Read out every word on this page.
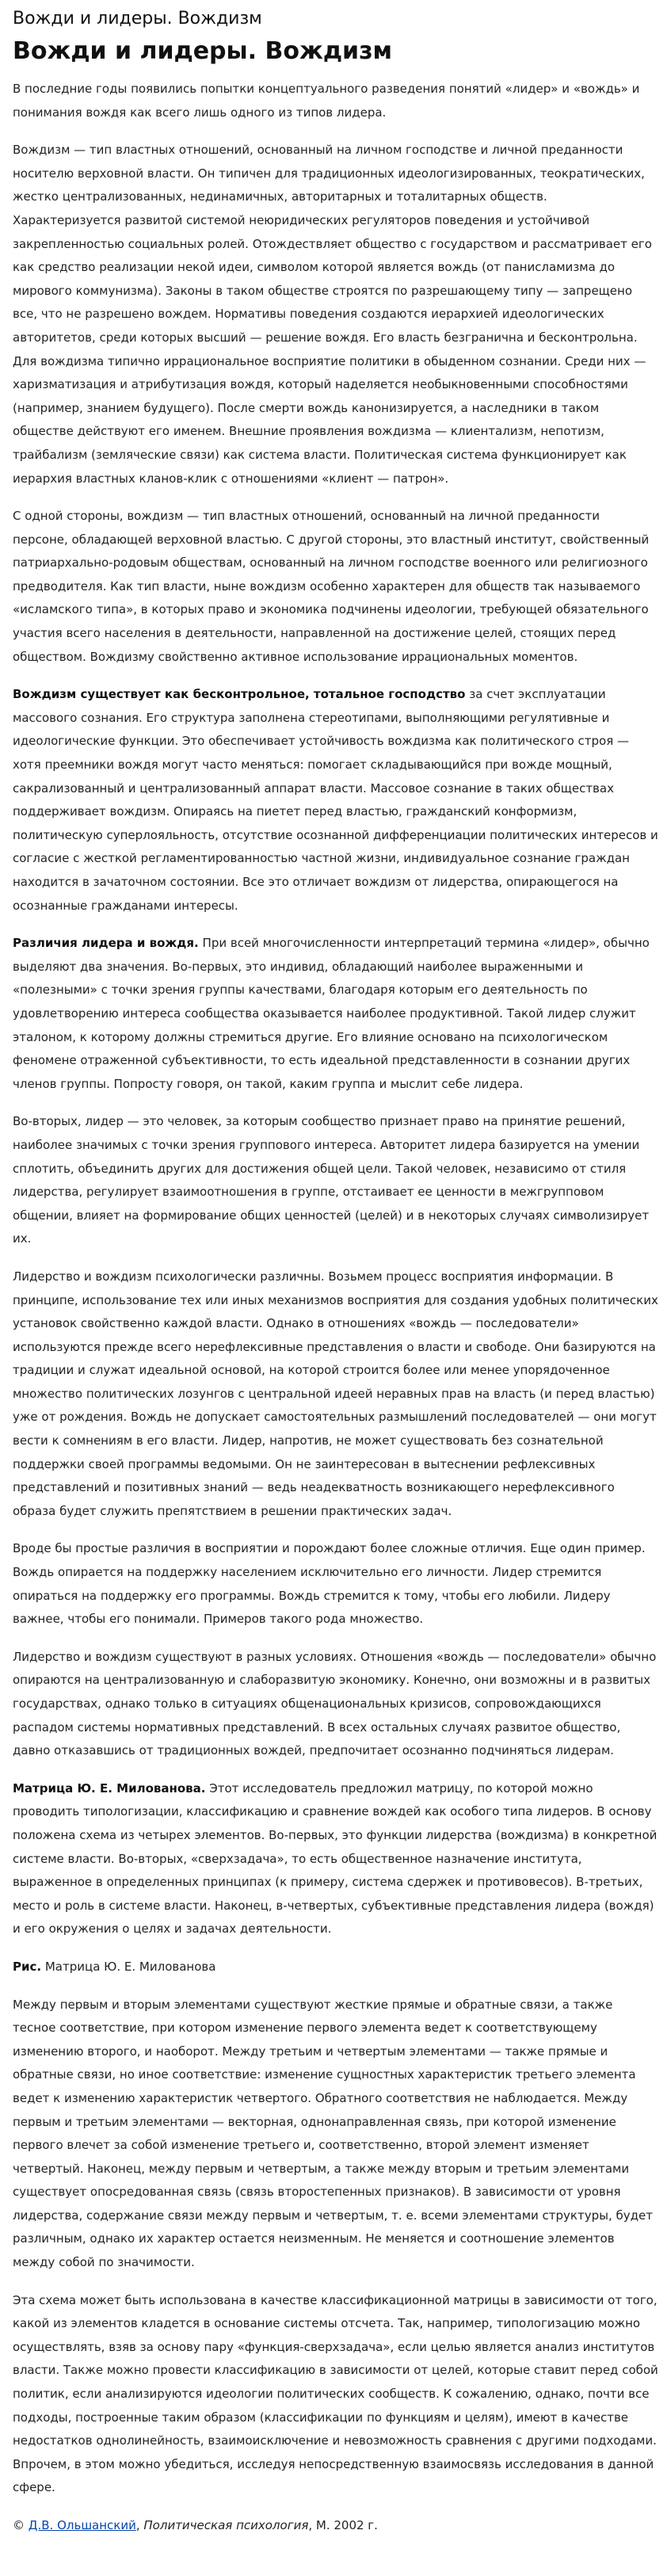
Вожди и лидеры. Вождизм
Вожди и лидеры. Вождизм

В последние годы появились попытки концептуального разведения понятий «лидер» и «вождь» и понимания вождя как всего лишь одного из типов лидера.

Вождизм — тип властных отношений, основанный на личном господстве и личной преданности носителю верховной власти. Он типичен для традиционных идеологизированных, теократических, жестко централизованных, нединамичных, авторитарных и тоталитарных обществ. Характеризуется развитой системой неюридических регуляторов поведения и устойчивой закрепленностью социальных ролей. Отождествляет общество с государством и рассматривает его как средство реализации некой идеи, символом которой является вождь (от панисламизма до мирового коммунизма). Законы в таком обществе строятся по разрешающему типу — запрещено все, что не разрешено вождем. Нормативы поведения создаются иерархией идеологических авторитетов, среди которых высший — решение вождя. Его власть безгранична и бесконтрольна. Для вождизма типично иррациональное восприятие политики в обыденном сознании. Среди них — харизматизация и атрибутизация вождя, который наделяется необыкновенными способностями (например, знанием будущего). После смерти вождь канонизируется, а наследники в таком обществе действуют его именем. Внешние проявления вождизма — клиентализм, непотизм, трайбализм (земляческие связи) как система власти. Политическая система функционирует как иерархия властных кланов-клик с отношениями «клиент — патрон».

С одной стороны, вождизм — тип властных отношений, основанный на личной преданности персоне, обладающей верховной властью. С другой стороны, это властный институт, свойственный патриархально-родовым обществам, основанный на личном господстве военного или религиозного предводителя. Как тип власти, ныне вождизм особенно характерен для обществ так называемого «исламского типа», в которых право и экономика подчинены идеологии, требующей обязательного участия всего населения в деятельности, направленной на достижение целей, стоящих перед обществом. Вождизму свойственно активное использование иррациональных моментов.

Вождизм существует как бесконтрольное, тотальное господство за счет эксплуатации массового сознания. Его структура заполнена стереотипами, выполняющими регулятивные и идеологические функции. Это обеспечивает устойчивость вождизма как политического строя — хотя преемники вождя могут часто меняться: помогает складывающийся при вожде мощный, сакрализованный и централизованный аппарат власти. Массовое сознание в таких обществах поддерживает вождизм. Опираясь на пиетет перед властью, гражданский конформизм, политическую суперлояльность, отсутствие осознанной дифференциации политических интересов и согласие с жесткой регламентированностью частной жизни, индивидуальное сознание граждан находится в зачаточном состоянии. Все это отличает вождизм от лидерства, опирающегося на осознанные гражданами интересы.

Различия лидера и вождя. При всей многочисленности интерпретаций термина «лидер», обычно выделяют два значения. Во-первых, это индивид, обладающий наиболее выраженными и «полезными» с точки зрения группы качествами, благодаря которым его деятельность по удовлетворению интереса сообщества оказывается наиболее продуктивной. Такой лидер служит эталоном, к которому должны стремиться другие. Его влияние основано на психологическом феномене отраженной субъективности, то есть идеальной представленности в сознании других членов группы. Попросту говоря, он такой, каким группа и мыслит себе лидера.

Во-вторых, лидер — это человек, за которым сообщество признает право на принятие решений, наиболее значимых с точки зрения группового интереса. Авторитет лидера базируется на умении сплотить, объединить других для достижения общей цели. Такой человек, независимо от стиля лидерства, регулирует взаимоотношения в группе, отстаивает ее ценности в межгрупповом общении, влияет на формирование общих ценностей (целей) и в некоторых случаях символизирует их.

Лидерство и вождизм психологически различны. Возьмем процесс восприятия информации. В принципе, использование тех или иных механизмов восприятия для создания удобных политических установок свойственно каждой власти. Однако в отношениях «вождь — последователи» используются прежде всего нерефлексивные представления о власти и свободе. Они базируются на традиции и служат идеальной основой, на которой строится более или менее упорядоченное множество политических лозунгов с центральной идеей неравных прав на власть (и перед властью) уже от рождения. Вождь не допускает самостоятельных размышлений последователей — они могут вести к сомнениям в его власти. Лидер, напротив, не может существовать без сознательной поддержки своей программы ведомыми. Он не заинтересован в вытеснении рефлексивных представлений и позитивных знаний — ведь неадекватность возникающего нерефлексивного образа будет служить препятствием в решении практических задач.

Вроде бы простые различия в восприятии и порождают более сложные отличия. Еще один пример. Вождь опирается на поддержку населением исключительно его личности. Лидер стремится опираться на поддержку его программы. Вождь стремится к тому, чтобы его любили. Лидеру важнее, чтобы его понимали. Примеров такого рода множество.

Лидерство и вождизм существуют в разных условиях. Отношения «вождь — последователи» обычно опираются на централизованную и слаборазвитую экономику. Конечно, они возможны и в развитых государствах, однако только в ситуациях общенациональных кризисов, сопровождающихся распадом системы нормативных представлений. В всех остальных случаях развитое общество, давно отказавшись от традиционных вождей, предпочитает осознанно подчиняться лидерам.

Матрица Ю. Е. Миловановa. Этот исследователь предложил матрицу, по которой можно проводить типологизации, классификацию и сравнение вождей как особого типа лидеров. В основу положена схема из четырех элементов. Во-первых, это функции лидерства (вождизма) в конкретной системе власти. Во-вторых, «сверхзадача», то есть общественное назначение института, выраженное в определенных принципах (к примеру, система сдержек и противовесов). В-третьих, место и роль в системе власти. Наконец, в-четвертых, субъективные представления лидера (вождя) и его окружения о целях и задачах деятельности.

Рис. Матрица Ю. Е. Милованова

Между первым и вторым элементами существуют жесткие прямые и обратные связи, а также тесное соответствие, при котором изменение первого элемента ведет к соответствующему изменению второго, и наоборот. Между третьим и четвертым элементами — также прямые и обратные связи, но иное соответствие: изменение сущностных характеристик третьего элемента ведет к изменению характеристик четвертого. Обратного соответствия не наблюдается. Между первым и третьим элементами — векторная, однонаправленная связь, при которой изменение первого влечет за собой изменение третьего и, соответственно, второй элемент изменяет четвертый. Наконец, между первым и четвертым, а также между вторым и третьим элементами существует опосредованная связь (связь второстепенных признаков). В зависимости от уровня лидерства, содержание связи между первым и четвертым, т. е. всеми элементами структуры, будет различным, однако их характер остается неизменным. Не меняется и соотношение элементов между собой по значимости.

Эта схема может быть использована в качестве классификационной матрицы в зависимости от того, какой из элементов кладется в основание системы отсчета. Так, например, типологизацию можно осуществлять, взяв за основу пару «функция-сверхзадача», если целью является анализ институтов власти. Также можно провести классификацию в зависимости от целей, которые ставит перед собой политик, если анализируются идеологии политических сообществ. К сожалению, однако, почти все подходы, построенные таким образом (классификации по функциям и целям), имеют в качестве недостатков однолинейность, взаимоисключение и невозможность сравнения с другими подходами. Впрочем, в этом можно убедиться, исследуя непосредственную взаимосвязь исследования в данной сфере.

© Д.В. Ольшанский, Политическая психология, М. 2002 г.
